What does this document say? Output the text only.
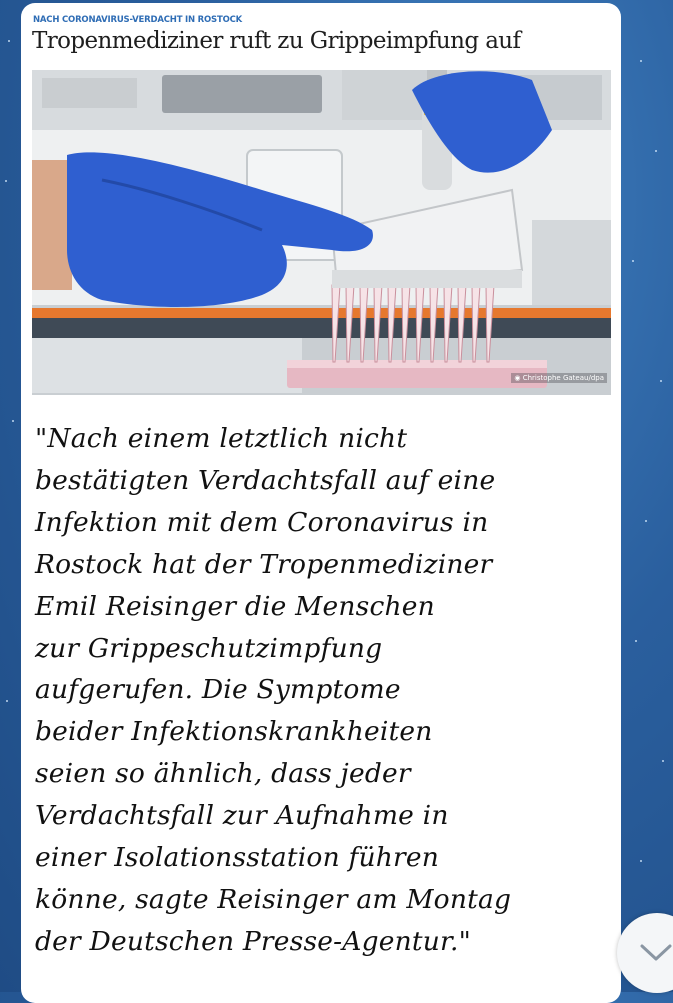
NACH CORONAVIRUS-VERDACHT IN ROSTOCK
Tropenmediziner ruft zu Grippeimpfung auf
◉ Christophe Gateau/dpa
"Nach einem letztlich nicht
bestätigten Verdachtsfall auf eine
Infektion mit dem Coronavirus in
Rostock hat der Tropenmediziner
Emil Reisinger die Menschen
zur Grippeschutzimpfung
aufgerufen. Die Symptome
beider Infektionskrankheiten
seien so ähnlich, dass jeder
Verdachtsfall zur Aufnahme in
einer Isolationsstation führen
könne, sagte Reisinger am Montag
der Deutschen Presse-Agentur."
